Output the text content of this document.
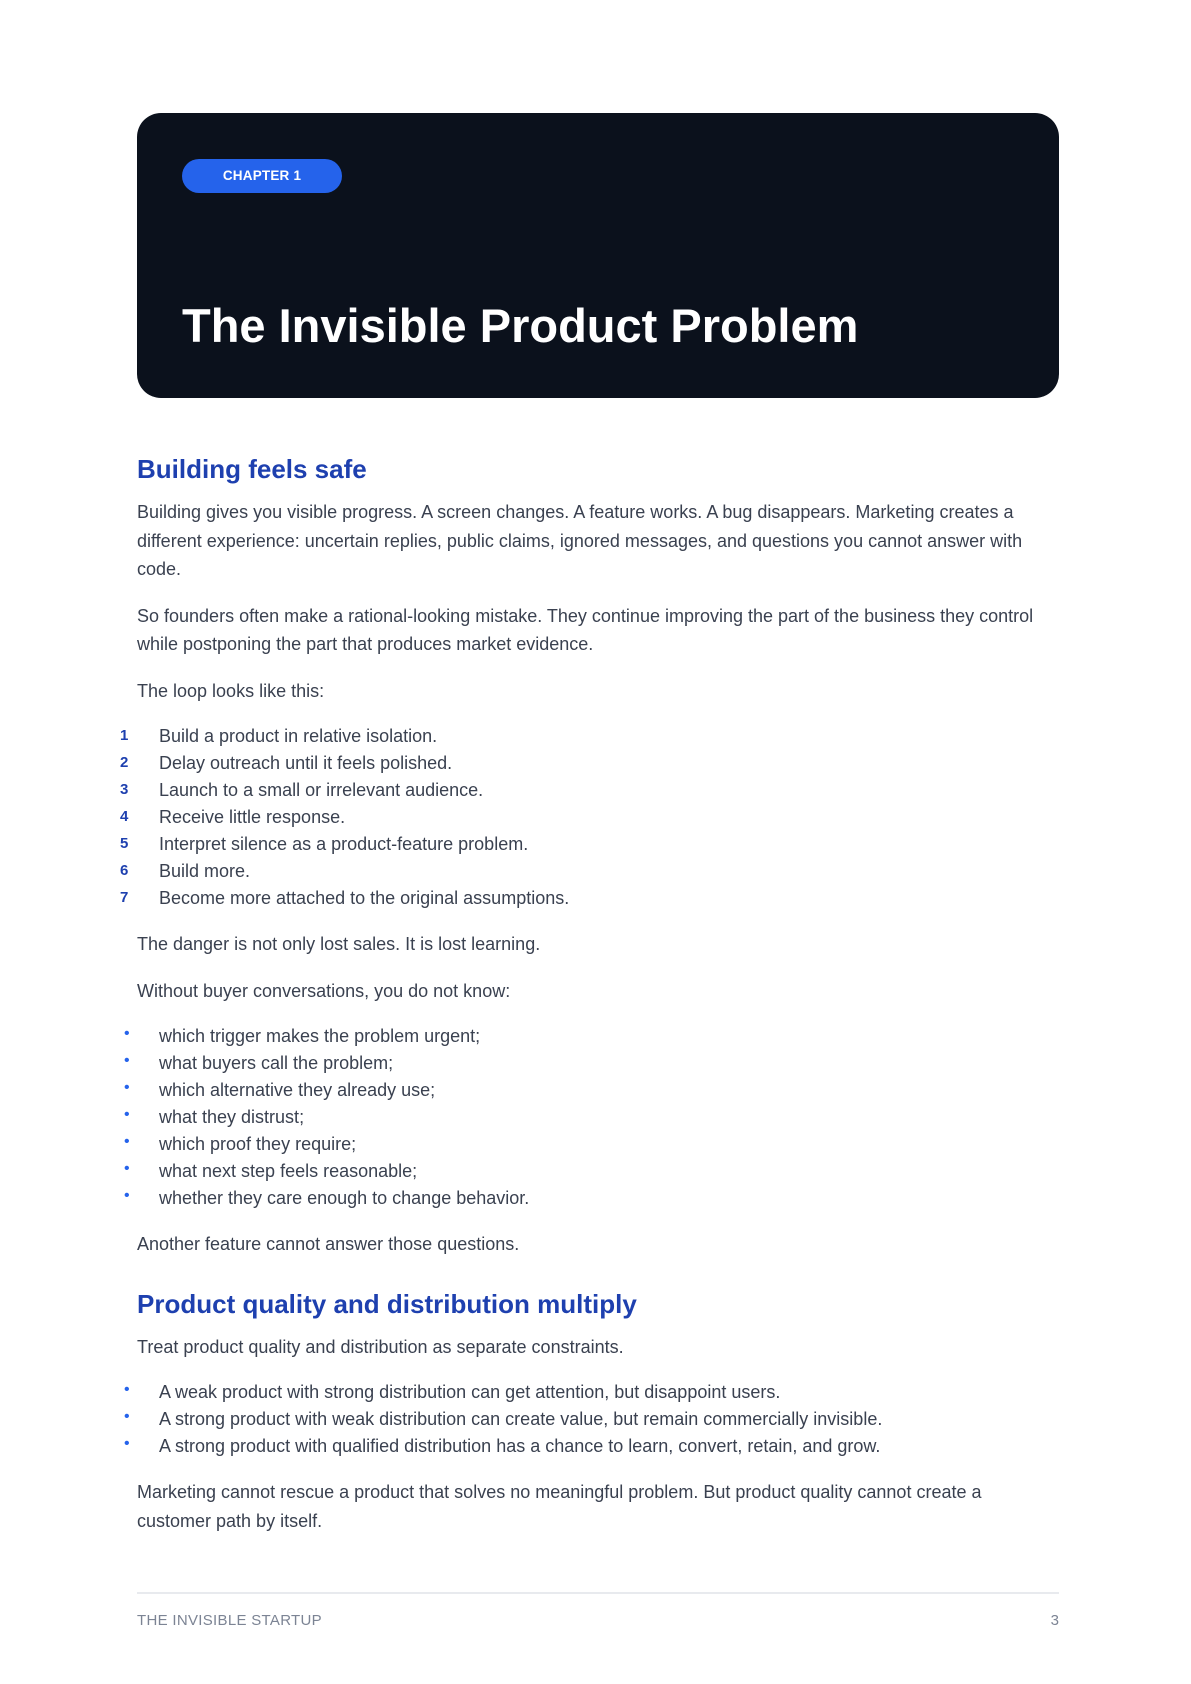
CHAPTER 1
The Invisible Product Problem
Building feels safe

Building gives you visible progress. A screen changes. A feature works. A bug disappears. Marketing creates a different experience: uncertain replies, public claims, ignored messages, and questions you cannot answer with code.

So founders often make a rational-looking mistake. They continue improving the part of the business they control while postponing the part that produces market evidence.

The loop looks like this:

1 Build a product in relative isolation.
2 Delay outreach until it feels polished.
3 Launch to a small or irrelevant audience.
4 Receive little response.
5 Interpret silence as a product-feature problem.
6 Build more.
7 Become more attached to the original assumptions.

The danger is not only lost sales. It is lost learning.

Without buyer conversations, you do not know:

• which trigger makes the problem urgent;
• what buyers call the problem;
• which alternative they already use;
• what they distrust;
• which proof they require;
• what next step feels reasonable;
• whether they care enough to change behavior.

Another feature cannot answer those questions.

Product quality and distribution multiply

Treat product quality and distribution as separate constraints.

• A weak product with strong distribution can get attention, but disappoint users.
• A strong product with weak distribution can create value, but remain commercially invisible.
• A strong product with qualified distribution has a chance to learn, convert, retain, and grow.

Marketing cannot rescue a product that solves no meaningful problem. But product quality cannot create a customer path by itself.

THE INVISIBLE STARTUP	3
